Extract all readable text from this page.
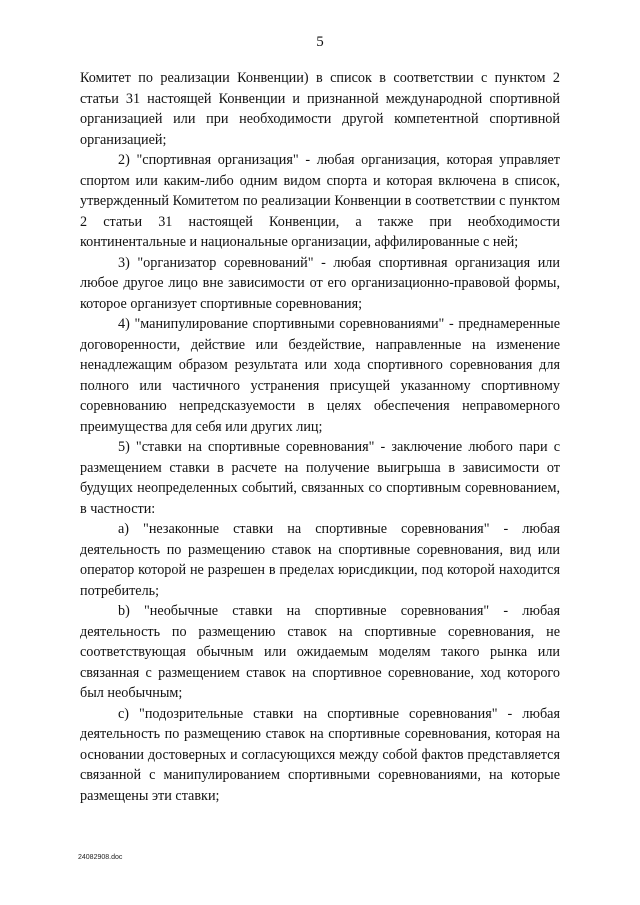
5

Комитет по реализации Конвенции) в список в соответствии с пунктом 2 статьи 31 настоящей Конвенции и признанной международной спортивной организацией или при необходимости другой компетентной спортивной организацией;

2) "спортивная организация" - любая организация, которая управляет спортом или каким-либо одним видом спорта и которая включена в список, утвержденный Комитетом по реализации Конвенции в соответствии с пунктом 2 статьи 31 настоящей Конвенции, а также при необходимости континентальные и национальные организации, аффилированные с ней;

3) "организатор соревнований" - любая спортивная организация или любое другое лицо вне зависимости от его организационно-правовой формы, которое организует спортивные соревнования;

4) "манипулирование спортивными соревнованиями" - преднамеренные договоренности, действие или бездействие, направленные на изменение ненадлежащим образом результата или хода спортивного соревнования для полного или частичного устранения присущей указанному спортивному соревнованию непредсказуемости в целях обеспечения неправомерного преимущества для себя или других лиц;

5) "ставки на спортивные соревнования" - заключение любого пари с размещением ставки в расчете на получение выигрыша в зависимости от будущих неопределенных событий, связанных со спортивным соревнованием, в частности:

a) "незаконные ставки на спортивные соревнования" - любая деятельность по размещению ставок на спортивные соревнования, вид или оператор которой не разрешен в пределах юрисдикции, под которой находится потребитель;

b) "необычные ставки на спортивные соревнования" - любая деятельность по размещению ставок на спортивные соревнования, не соответствующая обычным или ожидаемым моделям такого рынка или связанная с размещением ставок на спортивное соревнование, ход которого был необычным;

c) "подозрительные ставки на спортивные соревнования" - любая деятельность по размещению ставок на спортивные соревнования, которая на основании достоверных и согласующихся между собой фактов представляется связанной с манипулированием спортивными соревнованиями, на которые размещены эти ставки;

24082908.doc
